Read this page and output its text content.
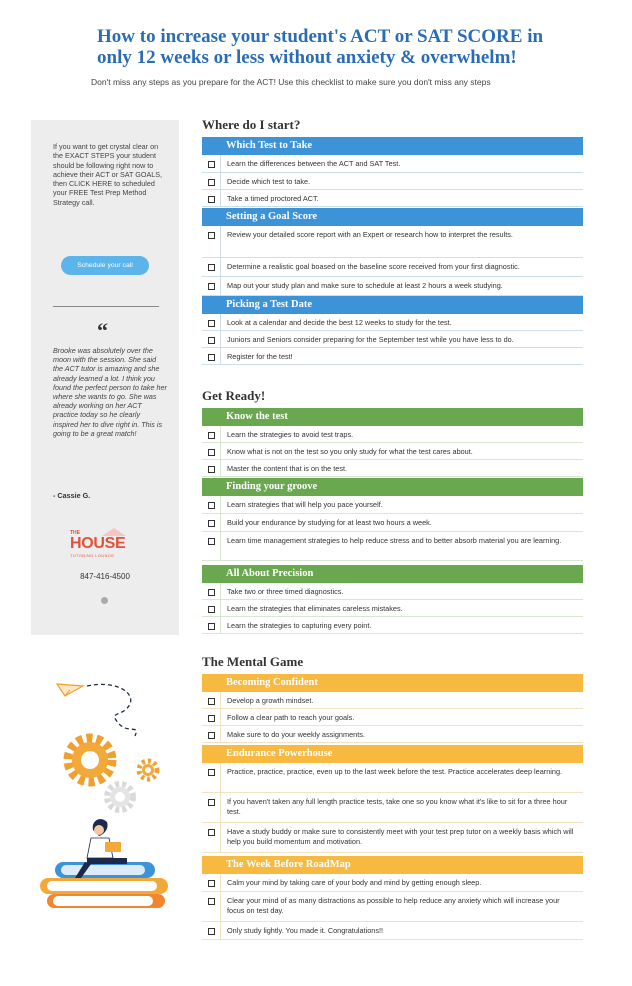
How to increase your student's ACT or SAT SCORE in only 12 weeks or less without anxiety & overwhelm!
Don't miss any steps as you prepare for the ACT! Use this checklist to make sure you don't miss any steps
If you want to get crystal clear on the EXACT STEPS your student should be following right now to achieve their ACT or SAT GOALS, then CLICK HERE to scheduled your FREE Test Prep Method Strategy call.
Schedule your call
“
Brooke was absolutely over the moon with the session. She said the ACT tutor is amazing and she already learned a lot. I think you found the perfect person to take her where she wants to go. She was already working on her ACT practice today so he clearly inspired her to dive right in. This is going to be a great match!
- Cassie G.
THE
HOUSE
TUTORING LOUNGE
847-416-4500
Where do I start?
Get Ready!
The Mental Game
Which Test to Take
Learn the differences between the ACT and SAT Test.
Decide which test to take.
Take a timed proctored ACT.
Setting a Goal Score
Review your detailed score report with an Expert or research how to interpret the results.
Determine a realistic goal boased on the baseline score received from your first diagnostic.
Map out your study plan and make sure to schedule at least 2 hours a week studying.
Picking a Test Date
Look at a calendar and decide the best 12 weeks to study for the test.
Juniors and Seniors consider preparing for the September test while you have less to do.
Register for the test!
Know the test
Learn the strategies to avoid test traps.
Know what is not on the test so you only study for what the test cares about.
Master the content that is on the test.
Finding your groove
Learn strategies that will help you pace yourself.
Build your endurance by studying for at least two hours a week.
Learn time management strategies to help reduce stress and to better absorb material you are learning.
All About Precision
Take two or three timed diagnostics.
Learn the strategies that eliminates careless mistakes.
Learn the strategies to capturing every point.
Becoming Confident
Develop a growth mindset.
Follow a clear path to reach your goals.
Make sure to do your weekly assignments.
Endurance Powerhouse
Practice, practice, practice, even up to the last week before the test. Practice accelerates deep learning.
If you haven't taken any full length practice tests, take one so you know what it's like to sit for a three hour test.
Have a study buddy or make sure to consistently meet with your test prep tutor on a weekly basis which will help you build momentum and motivation.
The Week Before RoadMap
Calm your mind by taking care of your body and mind by getting enough sleep.
Clear your mind of as many distractions as possible to help reduce any anxiety which will increase your focus on test day.
Only study lightly. You made it. Congratulations!!
